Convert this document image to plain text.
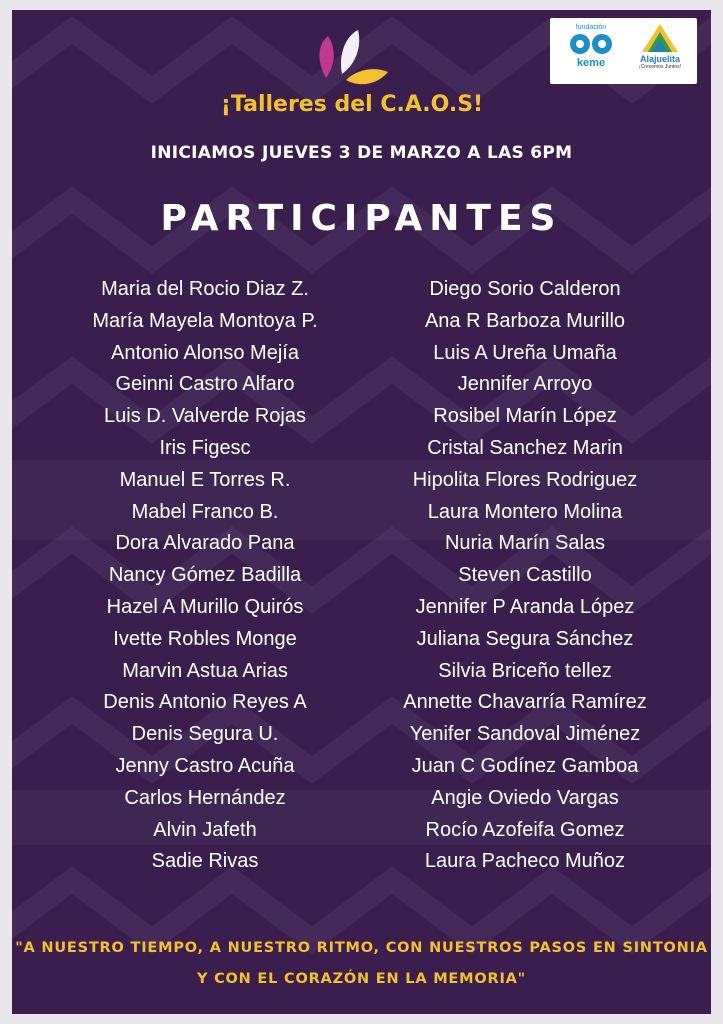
¡Talleres del C.A.O.S!
fundación
keme	Alajuelita
¡Crecemos Juntos!
INICIAMOS JUEVES 3 DE MARZO A LAS 6PM
PARTICIPANTES
Maria del Rocio Diaz Z.
María Mayela Montoya P.
Antonio Alonso Mejía
Geinni Castro Alfaro
Luis D. Valverde Rojas
Iris Figesc
Manuel E Torres R.
Mabel Franco B.
Dora Alvarado Pana
Nancy Gómez Badilla
Hazel A Murillo Quirós
Ivette Robles Monge
Marvin Astua Arias
Denis Antonio Reyes A
Denis Segura U.
Jenny Castro Acuña
Carlos Hernández
Alvin Jafeth
Sadie Rivas
Diego Sorio Calderon
Ana R Barboza Murillo
Luis A Ureña Umaña
Jennifer Arroyo
Rosibel Marín López
Cristal Sanchez Marin
Hipolita Flores Rodriguez
Laura Montero Molina
Nuria Marín Salas
Steven Castillo
Jennifer P Aranda López
Juliana Segura Sánchez
Silvia Briceño tellez
Annette Chavarría Ramírez
Yenifer Sandoval Jiménez
Juan C Godínez Gamboa
Angie Oviedo Vargas
Rocío Azofeifa Gomez
Laura Pacheco Muñoz
"A NUESTRO TIEMPO, A NUESTRO RITMO, CON NUESTROS PASOS EN SINTONIA
Y CON EL CORAZÓN EN LA MEMORIA"
